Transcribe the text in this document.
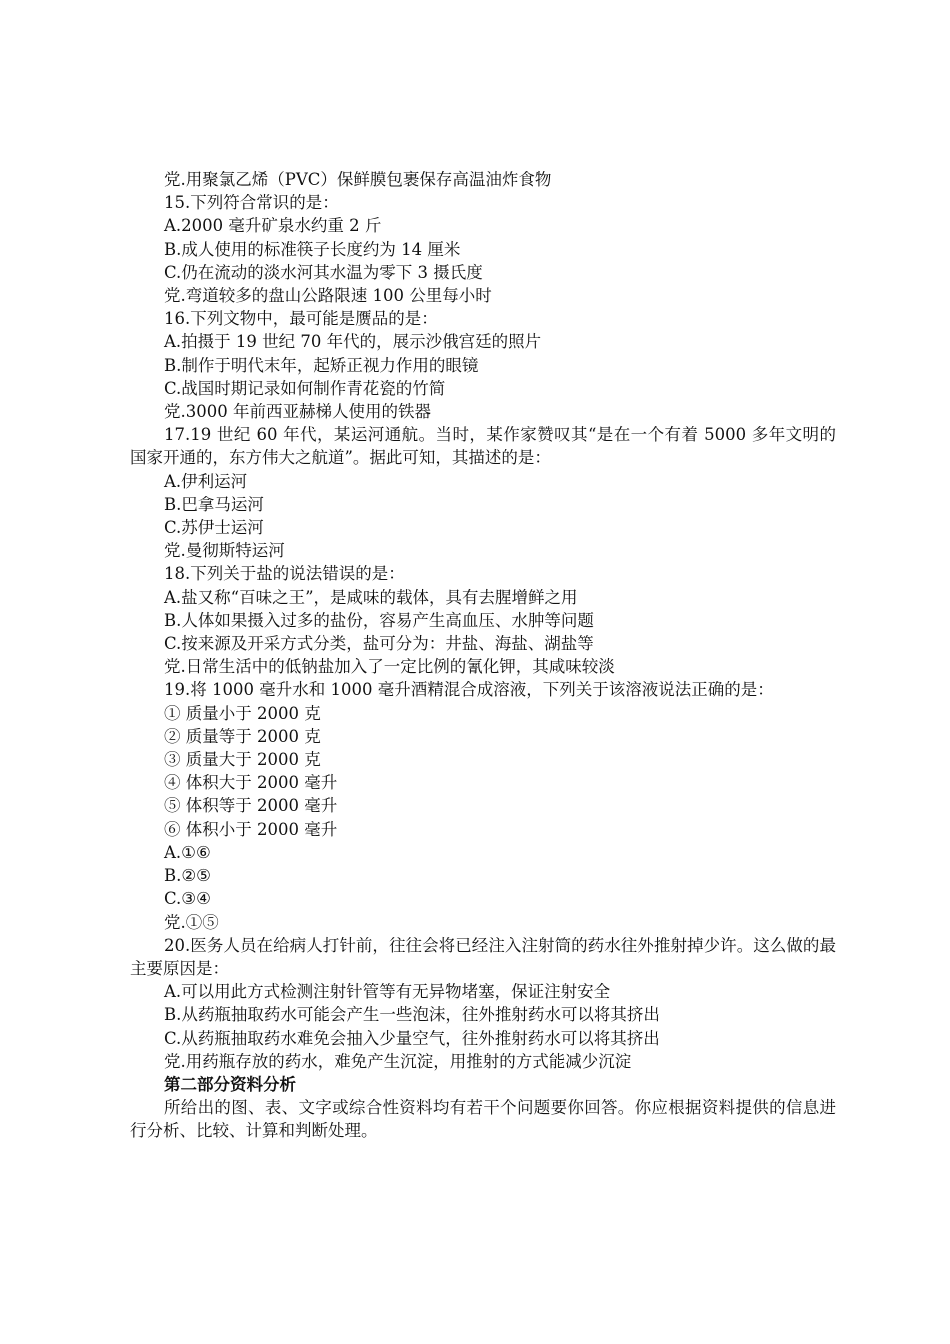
党.用聚氯乙烯（PVC）保鲜膜包裹保存高温油炸食物
15.下列符合常识的是：
A.2000 毫升矿泉水约重 2 斤
B.成人使用的标准筷子长度约为 14 厘米
C.仍在流动的淡水河其水温为零下 3 摄氏度
党.弯道较多的盘山公路限速 100 公里每小时
16.下列文物中，最可能是赝品的是：
A.拍摄于 19 世纪 70 年代的，展示沙俄宫廷的照片
B.制作于明代末年，起矫正视力作用的眼镜
C.战国时期记录如何制作青花瓷的竹简
党.3000 年前西亚赫梯人使用的铁器
17.19 世纪 60 年代，某运河通航。当时，某作家赞叹其“是在一个有着 5000 多年文明的国家开通的，东方伟大之航道”。据此可知，其描述的是：
A.伊利运河
B.巴拿马运河
C.苏伊士运河
党.曼彻斯特运河
18.下列关于盐的说法错误的是：
A.盐又称“百味之王”，是咸味的载体，具有去腥增鲜之用
B.人体如果摄入过多的盐份，容易产生高血压、水肿等问题
C.按来源及开采方式分类，盐可分为：井盐、海盐、湖盐等
党.日常生活中的低钠盐加入了一定比例的氰化钾，其咸味较淡
19.将 1000 毫升水和 1000 毫升酒精混合成溶液，下列关于该溶液说法正确的是：
① 质量小于 2000 克
② 质量等于 2000 克
③ 质量大于 2000 克
④ 体积大于 2000 毫升
⑤ 体积等于 2000 毫升
⑥ 体积小于 2000 毫升
A.①⑥
B.②⑤
C.③④
党.①⑤
20.医务人员在给病人打针前，往往会将已经注入注射筒的药水往外推射掉少许。这么做的最主要原因是：
A.可以用此方式检测注射针管等有无异物堵塞，保证注射安全
B.从药瓶抽取药水可能会产生一些泡沫，往外推射药水可以将其挤出
C.从药瓶抽取药水难免会抽入少量空气，往外推射药水可以将其挤出
党.用药瓶存放的药水，难免产生沉淀，用推射的方式能减少沉淀
第二部分资料分析
所给出的图、表、文字或综合性资料均有若干个问题要你回答。你应根据资料提供的信息进行分析、比较、计算和判断处理。
